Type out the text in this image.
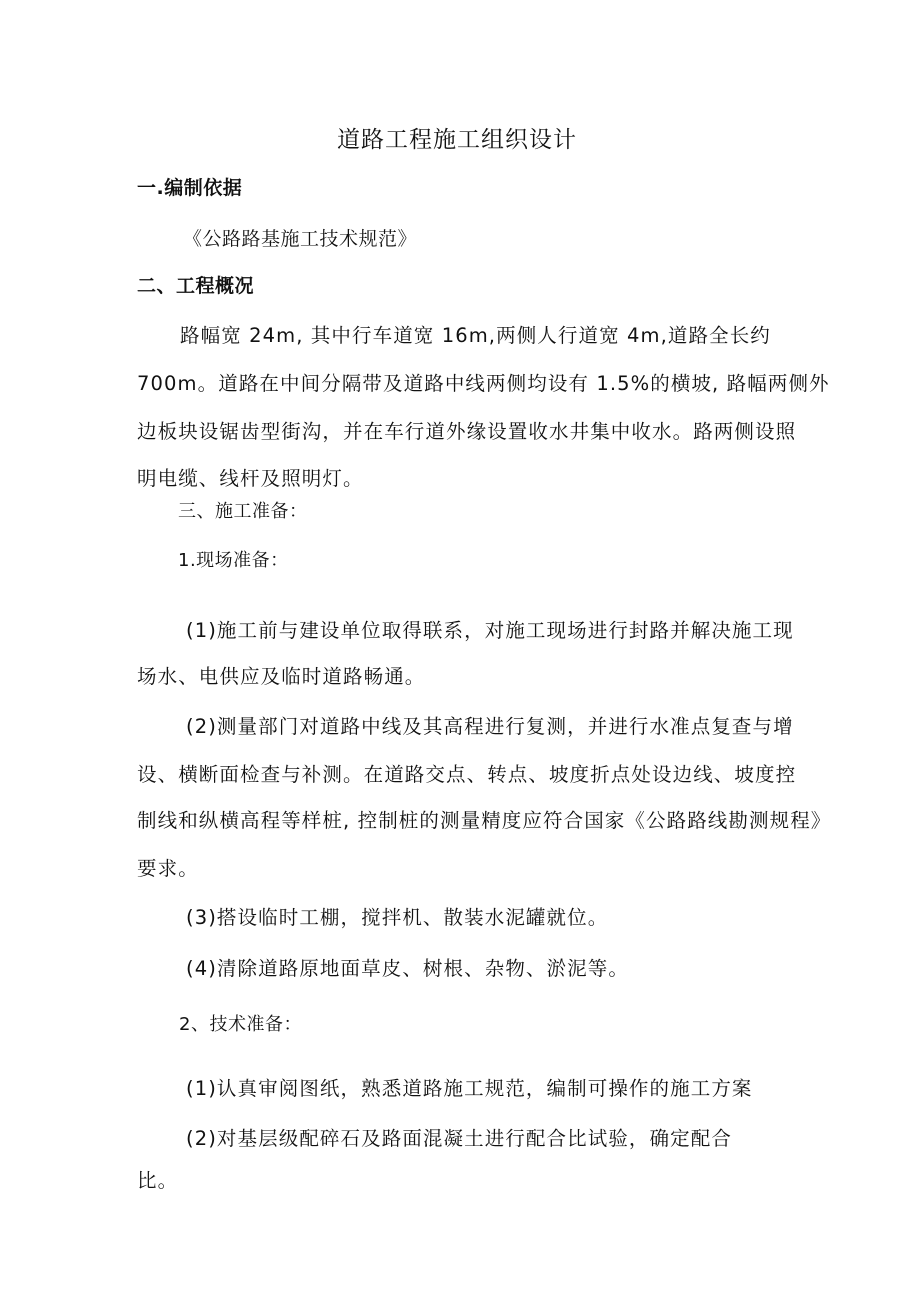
道路工程施工组织设计
一.编制依据
《公路路基施工技术规范》
二、工程概况
路幅宽 24m, 其中行车道宽 16m,两侧人行道宽 4m,道路全长约
700m。道路在中间分隔带及道路中线两侧均设有 1.5%的横坡, 路幅两侧外
边板块设锯齿型街沟，并在车行道外缘设置收水井集中收水。路两侧设照
明电缆、线杆及照明灯。
三、施工准备：
1.现场准备：
(1)施工前与建设单位取得联系，对施工现场进行封路并解决施工现
场水、电供应及临时道路畅通。
(2)测量部门对道路中线及其高程进行复测，并进行水准点复查与增
设、横断面检查与补测。在道路交点、转点、坡度折点处设边线、坡度控
制线和纵横高程等样桩, 控制桩的测量精度应符合国家《公路路线勘测规程》
要求。
(3)搭设临时工棚，搅拌机、散装水泥罐就位。
(4)清除道路原地面草皮、树根、杂物、淤泥等。
2、技术准备：
(1)认真审阅图纸，熟悉道路施工规范，编制可操作的施工方案
(2)对基层级配碎石及路面混凝土进行配合比试验，确定配合
比。
